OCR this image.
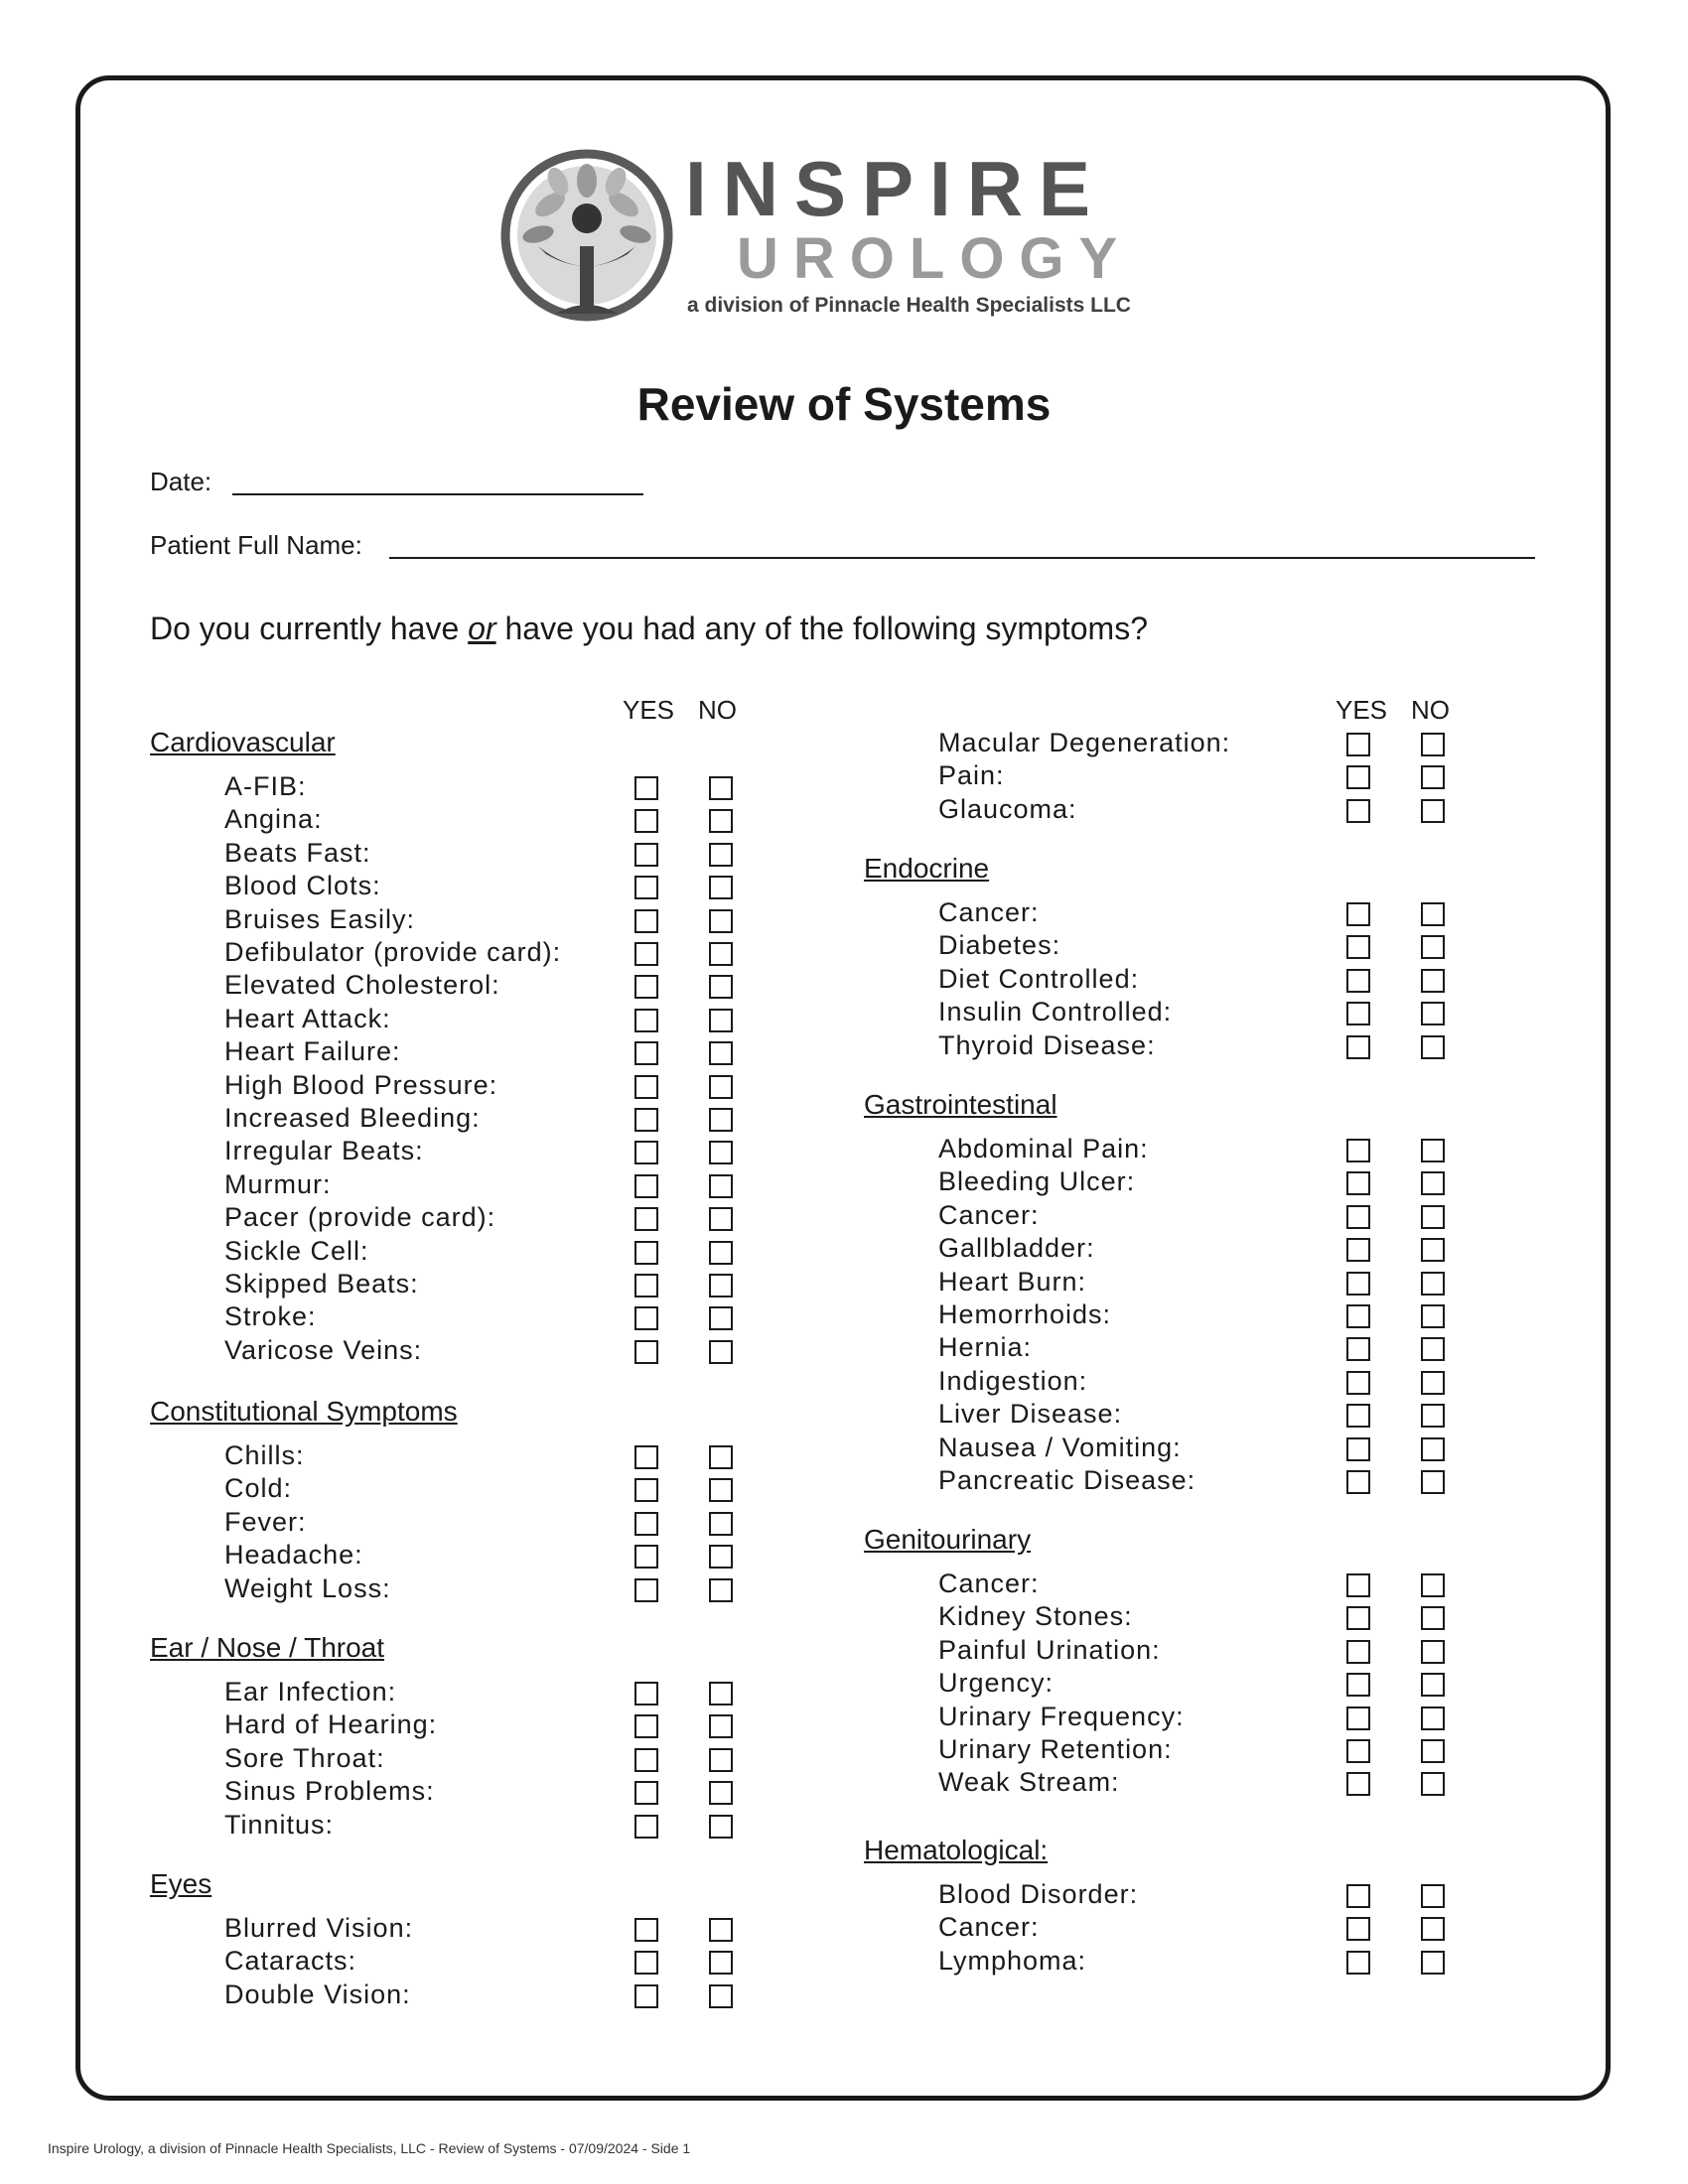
INSPIRE
UROLOGY
a division of Pinnacle Health Specialists LLC
Review of Systems
Date:
Patient Full Name:
Do you currently have or have you had any of the following symptoms?
YES NO	YES NO
Cardiovascular
A-FIB:
Angina:
Beats Fast:
Blood Clots:
Bruises Easily:
Defibulator (provide card):
Elevated Cholesterol:
Heart Attack:
Heart Failure:
High Blood Pressure:
Increased Bleeding:
Irregular Beats:
Murmur:
Pacer (provide card):
Sickle Cell:
Skipped Beats:
Stroke:
Varicose Veins:
Constitutional Symptoms
Chills:
Cold:
Fever:
Headache:
Weight Loss:
Ear / Nose / Throat
Ear Infection:
Hard of Hearing:
Sore Throat:
Sinus Problems:
Tinnitus:
Eyes
Blurred Vision:
Cataracts:
Double Vision:
Macular Degeneration:
Pain:
Glaucoma:
Endocrine
Cancer:
Diabetes:
Diet Controlled:
Insulin Controlled:
Thyroid Disease:
Gastrointestinal
Abdominal Pain:
Bleeding Ulcer:
Cancer:
Gallbladder:
Heart Burn:
Hemorrhoids:
Hernia:
Indigestion:
Liver Disease:
Nausea / Vomiting:
Pancreatic Disease:
Genitourinary
Cancer:
Kidney Stones:
Painful Urination:
Urgency:
Urinary Frequency:
Urinary Retention:
Weak Stream:
Hematological:
Blood Disorder:
Cancer:
Lymphoma:
Inspire Urology, a division of Pinnacle Health Specialists, LLC - Review of Systems - 07/09/2024 - Side 1
